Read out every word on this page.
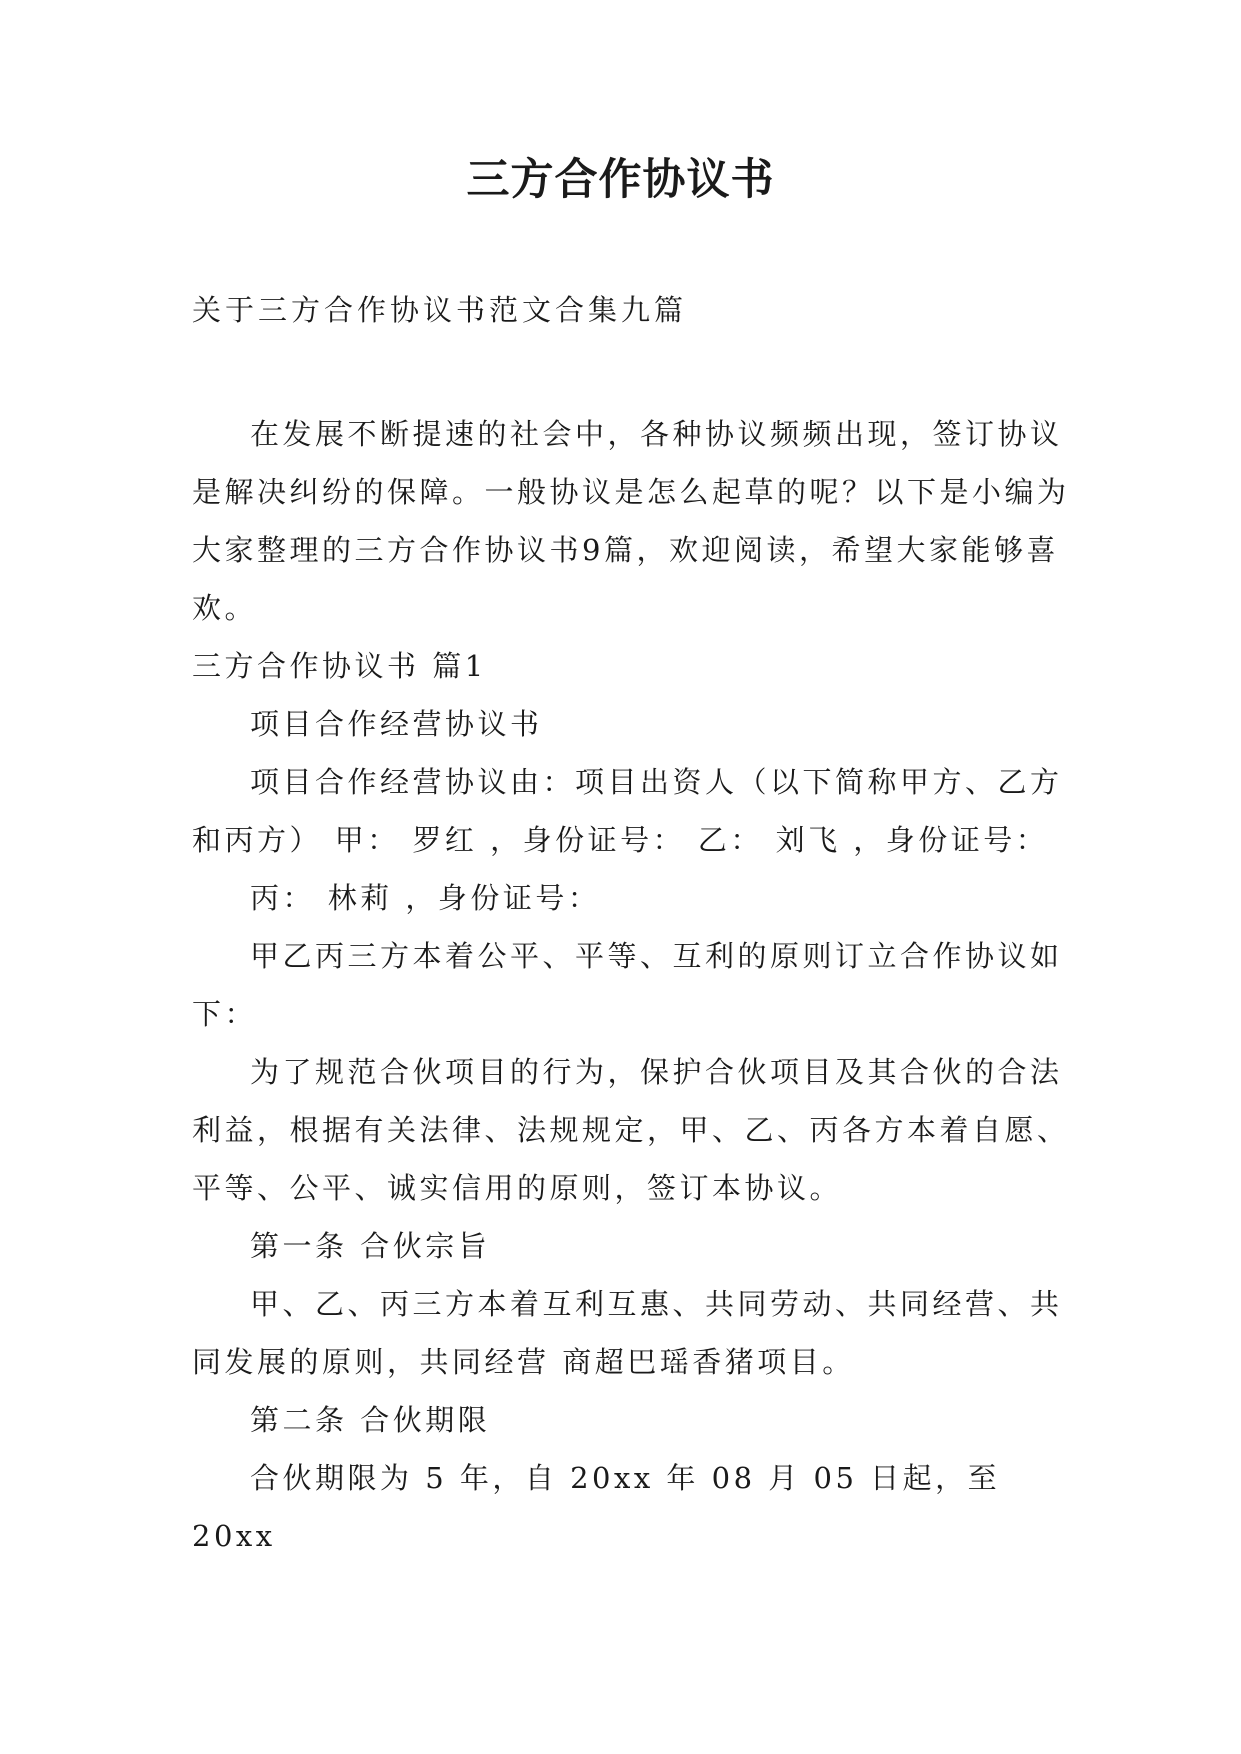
三方合作协议书
关于三方合作协议书范文合集九篇

在发展不断提速的社会中，各种协议频频出现，签订协议是解决纠纷的保障。一般协议是怎么起草的呢？以下是小编为大家整理的三方合作协议书9篇，欢迎阅读，希望大家能够喜欢。

三方合作协议书 篇1

项目合作经营协议书

项目合作经营协议由：项目出资人（以下简称甲方、乙方和丙方） 甲： 罗红 ，身份证号： 乙： 刘飞 ，身份证号：

丙： 林莉 ，身份证号：

甲乙丙三方本着公平、平等、互利的原则订立合作协议如下：

为了规范合伙项目的行为，保护合伙项目及其合伙的合法利益，根据有关法律、法规规定，甲、乙、丙各方本着自愿、平等、公平、诚实信用的原则，签订本协议。

第一条 合伙宗旨

甲、乙、丙三方本着互利互惠、共同劳动、共同经营、共同发展的原则，共同经营 商超巴瑶香猪项目。

第二条 合伙期限

合伙期限为 5 年，自 20xx 年 08 月 05 日起，至 20xx
